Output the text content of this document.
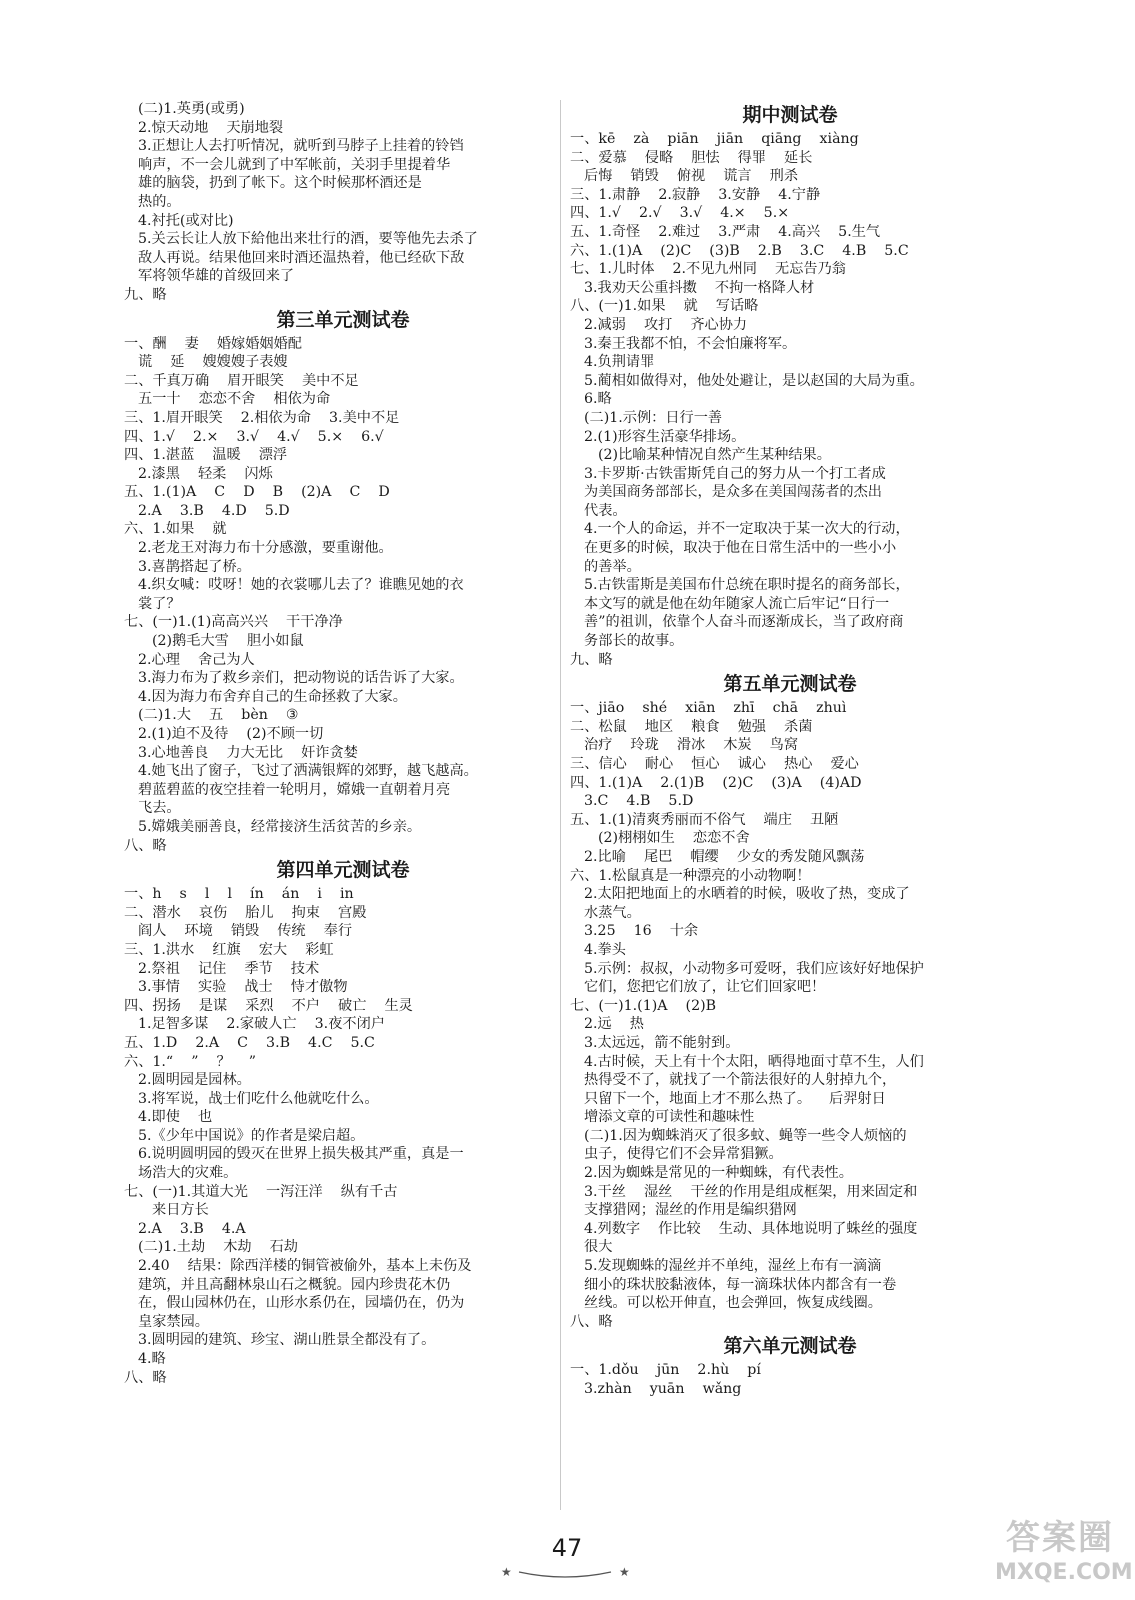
(二)1.英勇(或勇)
2.惊天动地    天崩地裂
3.正想让人去打听情况，就听到马脖子上挂着的铃铛
响声，不一会儿就到了中军帐前，关羽手里提着华
雄的脑袋，扔到了帐下。这个时候那杯酒还是
热的。
4.衬托(或对比)
5.关云长让人放下給他出来壮行的酒，要等他先去杀了
敌人再说。结果他回来时酒还温热着，他已经砍下敌
军将领华雄的首级回来了
九、略
第三单元测试卷
一、酬    妻    婚嫁婚姻婚配
谎    延    嫂嫂嫂子表嫂
二、千真万确    眉开眼笑    美中不足
五一十    恋恋不舍    相依为命
三、1.眉开眼笑    2.相依为命    3.美中不足
四、1.√    2.×    3.√    4.√    5.×    6.√
四、1.湛蓝    温暖    漂浮
2.漆黑    轻柔    闪烁
五、1.(1)A    C    D    B    (2)A    C    D
2.A    3.B    4.D    5.D
六、1.如果    就
2.老龙王对海力布十分感激，要重谢他。
3.喜鹊搭起了桥。
4.织女喊：哎呀！她的衣裳哪儿去了？谁瞧见她的衣
裳了？
七、(一)1.(1)高高兴兴    干干净净
(2)鹅毛大雪    胆小如鼠
2.心理    舍己为人
3.海力布为了救乡亲们，把动物说的话告诉了大家。
4.因为海力布舍弃自己的生命拯救了大家。
(二)1.大    五    bèn    ③
2.(1)迫不及待    (2)不顾一切
3.心地善良    力大无比    奸诈贪婪
4.她飞出了窗子，飞过了洒满银辉的郊野，越飞越高。
碧蓝碧蓝的夜空挂着一轮明月，嫦娥一直朝着月亮
飞去。
5.嫦娥美丽善良，经常接济生活贫苦的乡亲。
八、略
第四单元测试卷
一、h    s    l    l    ín    án    i    in
二、潜水    哀伤    胎儿    拘束    宫殿
阎人    环境    销毁    传统    奉行
三、1.洪水    红旗    宏大    彩虹
2.祭祖    记住    季节    技术
3.事情    实验    战士    恃才傲物
四、拐扬    是谋    采烈    不户    破亡    生灵
1.足智多谋    2.家破人亡    3.夜不闭户
五、1.D    2.A    C    3.B    4.C    5.C
六、1.“    ”    ？    ”
2.圆明园是园林。
3.将军说，战士们吃什么他就吃什么。
4.即使    也
5.《少年中国说》的作者是梁启超。
6.说明圆明园的毁灭在世界上损失极其严重，真是一
场浩大的灾难。
七、(一)1.其道大光    一泻汪洋    纵有千古
来日方长
2.A    3.B    4.A
(二)1.土劫    木劫    石劫
2.40    结果：除西洋楼的铜管被偷外，基本上未伤及
建筑，并且高翻林泉山石之概貌。园内珍贵花木仍
在，假山园林仍在，山形水系仍在，园墙仍在，仍为
皇家禁园。
3.圆明园的建筑、珍宝、湖山胜景全都没有了。
4.略
八、略
期中测试卷
一、kē    zà    piān    jiān    qiāng    xiàng
二、爱慕    侵略    胆怯    得罪    延长
后悔    销毁    俯视    谎言    刑杀
三、1.肃静    2.寂静    3.安静    4.宁静
四、1.√    2.√    3.√    4.×    5.×
五、1.奇怪    2.难过    3.严肃    4.高兴    5.生气
六、1.(1)A    (2)C    (3)B    2.B    3.C    4.B    5.C
七、1.儿时体    2.不见九州同    无忘告乃翁
3.我劝天公重抖擞    不拘一格降人材
八、(一)1.如果    就    写话略
2.减弱    攻打    齐心协力
3.秦王我都不怕，不会怕廉将军。
4.负荆请罪
5.蔺相如做得对，他处处避让，是以赵国的大局为重。
6.略
(二)1.示例：日行一善
2.(1)形容生活豪华排场。
(2)比喻某种情况自然产生某种结果。
3.卡罗斯·古铁雷斯凭自己的努力从一个打工者成
为美国商务部部长，是众多在美国闯荡者的杰出
代表。
4.一个人的命运，并不一定取决于某一次大的行动，
在更多的时候，取决于他在日常生活中的一些小小
的善举。
5.古铁雷斯是美国布什总统在职时提名的商务部长，
本文写的就是他在幼年随家人流亡后牢记“日行一
善”的祖训，依靠个人奋斗而逐渐成长，当了政府商
务部长的故事。
九、略
第五单元测试卷
一、jiāo    shé    xiān    zhī    chā    zhuì
二、松鼠    地区    粮食    勉强    杀菌
治疗    玲珑    滑冰    木炭    鸟窝
三、信心    耐心    恒心    诚心    热心    爱心
四、1.(1)A    2.(1)B    (2)C    (3)A    (4)AD
3.C    4.B    5.D
五、1.(1)清爽秀丽而不俗气    端庄    丑陋
(2)栩栩如生    恋恋不舍
2.比喻    尾巴    帽缨    少女的秀发随风飘荡
六、1.松鼠真是一种漂亮的小动物啊！
2.太阳把地面上的水晒着的时候，吸收了热，变成了
水蒸气。
3.25    16    十余
4.拳头
5.示例：叔叔，小动物多可爱呀，我们应该好好地保护
它们，您把它们放了，让它们回家吧！
七、(一)1.(1)A    (2)B
2.远    热
3.太远远，箭不能射到。
4.古时候，天上有十个太阳，晒得地面寸草不生，人们
热得受不了，就找了一个箭法很好的人射掉九个，
只留下一个，地面上才不那么热了。    后羿射日
增添文章的可读性和趣味性
(二)1.因为蜘蛛消灭了很多蚊、蝇等一些令人烦恼的
虫子，使得它们不会异常猖獗。
2.因为蜘蛛是常见的一种蜘蛛，有代表性。
3.干丝    湿丝    干丝的作用是组成框架，用来固定和
支撑猎网；湿丝的作用是编织猎网
4.列数字    作比较    生动、具体地说明了蛛丝的强度
很大
5.发现蜘蛛的湿丝并不单纯，湿丝上布有一滴滴
细小的珠状胶黏液体，每一滴珠状体内都含有一卷
丝线。可以松开伸直，也会弹回，恢复成线圈。
八、略
第六单元测试卷
一、1.dǒu    jūn    2.hù    pí
3.zhàn    yuān    wǎng
47
★	★
答案圈
MXQE.COM
